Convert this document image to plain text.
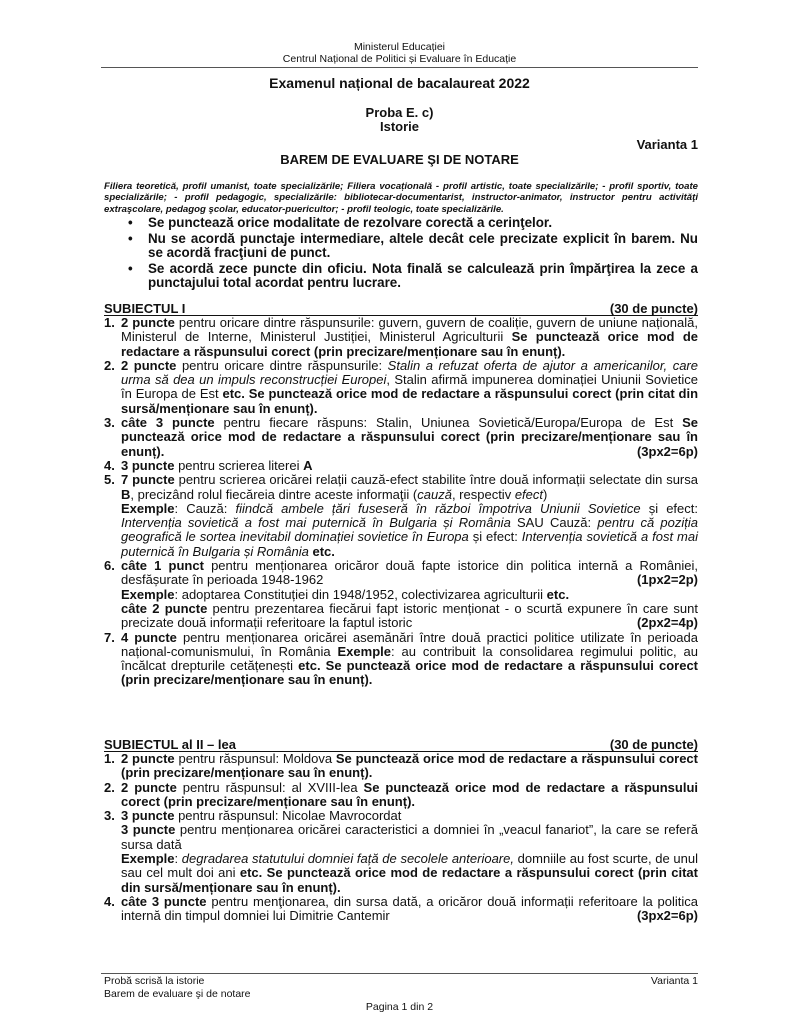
Ministerul Educației
Centrul Național de Politici și Evaluare în Educație
Examenul național de bacalaureat 2022
Proba E. c)
Istorie
Varianta 1
BAREM DE EVALUARE ŞI DE NOTARE
Filiera teoretică, profil umanist, toate specializările; Filiera vocațională - profil artistic, toate specializările; - profil sportiv, toate specializările; - profil pedagogic, specializările: bibliotecar-documentarist, instructor-animator, instructor pentru activităţi extraşcolare, pedagog şcolar, educator-puericultor; - profil teologic, toate specializările.
• Se punctează orice modalitate de rezolvare corectă a cerinţelor.
• Nu se acordă punctaje intermediare, altele decât cele precizate explicit în barem. Nu se acordă fracţiuni de punct.
• Se acordă zece puncte din oficiu. Nota finală se calculează prin împărţirea la zece a punctajului total acordat pentru lucrare.
SUBIECTUL I	(30 de puncte)
1. 2 puncte pentru oricare dintre răspunsurile: guvern, guvern de coaliție, guvern de uniune națională, Ministerul de Interne, Ministerul Justiției, Ministerul Agriculturii Se punctează orice mod de redactare a răspunsului corect (prin precizare/menționare sau în enunț).
2. 2 puncte pentru oricare dintre răspunsurile: Stalin a refuzat oferta de ajutor a americanilor, care urma să dea un impuls reconstrucției Europei, Stalin afirmă impunerea dominației Uniunii Sovietice în Europa de Est etc. Se punctează orice mod de redactare a răspunsului corect (prin citat din sursă/menționare sau în enunț).
3. câte 3 puncte pentru fiecare răspuns: Stalin, Uniunea Sovietică/Europa/Europa de Est Se punctează orice mod de redactare a răspunsului corect (prin precizare/menționare sau în enunț).	(3px2=6p)
4. 3 puncte pentru scrierea literei A
5. 7 puncte pentru scrierea oricărei relații cauză-efect stabilite între două informații selectate din sursa B, precizând rolul fiecăreia dintre aceste informaţii (cauză, respectiv efect)

Exemple: Cauză: fiindcă ambele țări fuseseră în război împotriva Uniunii Sovietice și efect: Intervenția sovietică a fost mai puternică în Bulgaria și România SAU Cauză: pentru că poziția geografică le sortea inevitabil dominației sovietice în Europa și efect: Intervenția sovietică a fost mai puternică în Bulgaria și România etc.

6. câte 1 punct pentru menționarea oricăror două fapte istorice din politica internă a României, desfășurate în perioada 1948-1962	(1px2=2p)

Exemple: adoptarea Constituției din 1948/1952, colectivizarea agriculturii etc.

câte 2 puncte pentru prezentarea fiecărui fapt istoric menționat - o scurtă expunere în care sunt precizate două informații referitoare la faptul istoric	(2px2=4p)

7. 4 puncte pentru menționarea oricărei asemănări între două practici politice utilizate în perioada național-comunismului, în România Exemple: au contribuit la consolidarea regimului politic, au încălcat drepturile cetățenești etc. Se punctează orice mod de redactare a răspunsului corect (prin precizare/menționare sau în enunț).
SUBIECTUL al II – lea	(30 de puncte)
1. 2 puncte pentru răspunsul: Moldova Se punctează orice mod de redactare a răspunsului corect (prin precizare/menționare sau în enunț).
2. 2 puncte pentru răspunsul: al XVIII-lea Se punctează orice mod de redactare a răspunsului corect (prin precizare/menționare sau în enunț).
3. 3 puncte pentru răspunsul: Nicolae Mavrocordat

3 puncte pentru menționarea oricărei caracteristici a domniei în „veacul fanariot”, la care se referă sursa dată

Exemple: degradarea statutului domniei față de secolele anterioare, domniile au fost scurte, de unul sau cel mult doi ani etc. Se punctează orice mod de redactare a răspunsului corect (prin citat din sursă/menționare sau în enunț).

4. câte 3 puncte pentru menţionarea, din sursa dată, a oricăror două informații referitoare la politica internă din timpul domniei lui Dimitrie Cantemir	(3px2=6p)
Probă scrisă la istorie
Barem de evaluare şi de notare
Varianta 1
Pagina 1 din 2
